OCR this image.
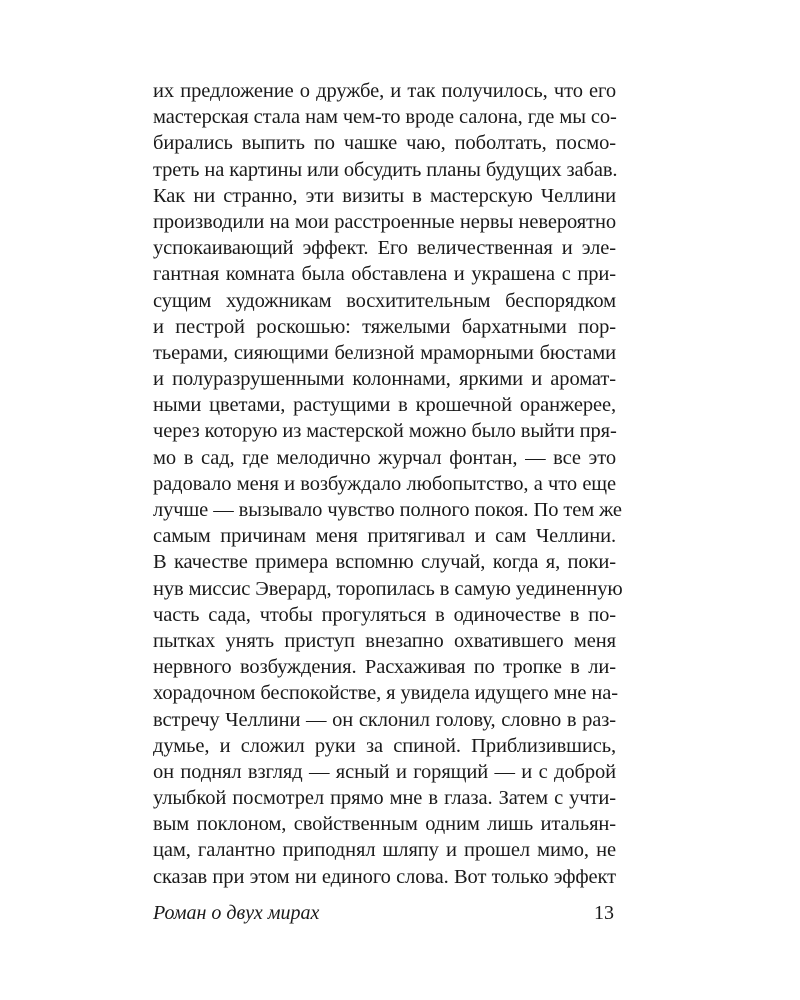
их предложение о дружбе, и так получилось, что его
мастерская стала нам чем-то вроде салона, где мы со-
бирались выпить по чашке чаю, поболтать, посмо-
треть на картины или обсудить планы будущих забав.
Как ни странно, эти визиты в мастерскую Челлини
производили на мои расстроенные нервы невероятно
успокаивающий эффект. Его величественная и эле-
гантная комната была обставлена и украшена с при-
сущим художникам восхитительным беспорядком
и пестрой роскошью: тяжелыми бархатными пор-
тьерами, сияющими белизной мраморными бюстами
и полуразрушенными колоннами, яркими и аромат-
ными цветами, растущими в крошечной оранжерее,
через которую из мастерской можно было выйти пря-
мо в сад, где мелодично журчал фонтан, — все это
радовало меня и возбуждало любопытство, а что еще
лучше — вызывало чувство полного покоя. По тем же
самым причинам меня притягивал и сам Челлини.
В качестве примера вспомню случай, когда я, поки-
нув миссис Эверард, торопилась в самую уединенную
часть сада, чтобы прогуляться в одиночестве в по-
пытках унять приступ внезапно охватившего меня
нервного возбуждения. Расхаживая по тропке в ли-
хорадочном беспокойстве, я увидела идущего мне на-
встречу Челлини — он склонил голову, словно в раз-
думье, и сложил руки за спиной. Приблизившись,
он поднял взгляд — ясный и горящий — и с доброй
улыбкой посмотрел прямо мне в глаза. Затем с учти-
вым поклоном, свойственным одним лишь итальян-
цам, галантно приподнял шляпу и прошел мимо, не
сказав при этом ни единого слова. Вот только эффект
Роман о двух мирах	13
